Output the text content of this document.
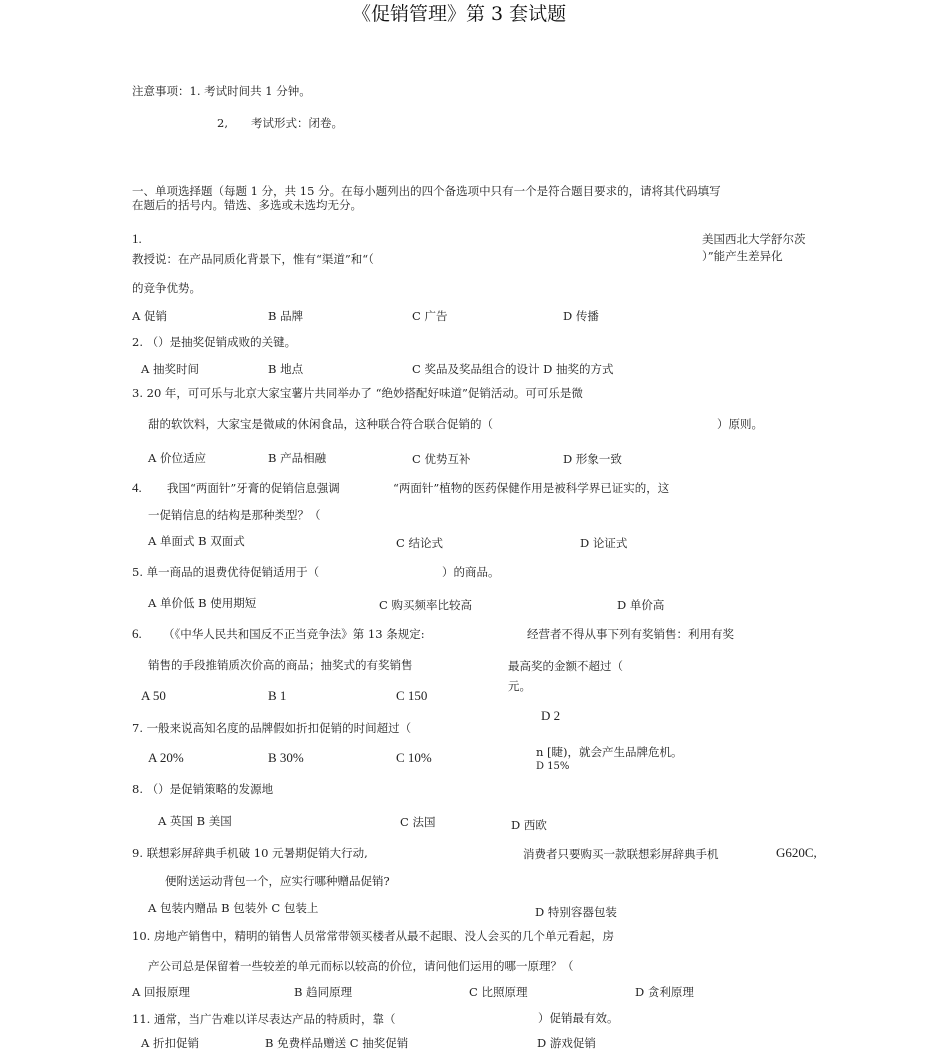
《促销管理》第 3 套试题
注意事项：1. 考试时间共 1 分钟。
2, 考试形式：闭卷。
一、单项选择题（每题 1 分，共 15 分。在每小题列出的四个备选项中只有一个是符合题目要求的，请将其代码填写
在题后的括号内。错选、多选或未选均无分。
1.	美国西北大学舒尔茨
教授说：在产品同质化背景下，惟有“渠道”和“（	）”能产生差异化
的竞争优势。
A 促销	B 品牌	C 广告	D 传播
2. （）是抽奖促销成败的关键。
A 抽奖时间	B 地点	C 奖品及奖品组合的设计 D 抽奖的方式
3. 20 年，可可乐与北京大家宝薯片共同举办了 “绝妙搭配好味道”促销活动。可可乐是微
甜的软饮料，大家宝是微咸的休闲食品，这种联合符合联合促销的（	）原则。
A 价位适应	B 产品相融	C 优势互补	D 形象一致
4. 我国“两面针”牙膏的促销信息强调	“两面针”植物的医药保健作用是被科学界已证实的，这
一促销信息的结构是那种类型？（
A 单面式 B 双面式	C 结论式	D 论证式
5. 单一商品的退费优待促销适用于（	）的商品。
A 单价低 B 使用期短	C 购买频率比较高	D 单价高
6. （《中华人民共和国反不正当竞争法》第 13 条规定:	经营者不得从事下列有奖销售：利用有奖
销售的手段推销质次价高的商品；抽奖式的有奖销售	最高奖的金额不超过（
元。
A 50	B 1	C 150
D 2
7. 一般来说高知名度的品牌假如折扣促销的时间超过（
A 20%	B 30%	C 10%	n [睫)，就会产生品牌危机。
D 15%
8. （）是促销策略的发源地
A 英国 B 美国	C 法国	D 西欧
9. 联想彩屏辞典手机破 10 元暑期促销大行动,	消费者只要购买一款联想彩屏辞典手机	G620C,
便附送运动背包一个，应实行哪种赠品促销?
A 包装内赠品 B 包装外 C 包装上	D 特别容器包装
10. 房地产销售中，精明的销售人员常常带领买楼者从最不起眼、没人会买的几个单元看起，房
产公司总是保留着一些较差的单元而标以较高的价位，请问他们运用的哪一原理？（
A 回报原理	B 趋同原理	C 比照原理	D 贪利原理
11. 通常，当广告难以详尽表达产品的特质时，靠（	）促销最有效。
A 折扣促销	B 免费样品赠送 C 抽奖促销	D 游戏促销
